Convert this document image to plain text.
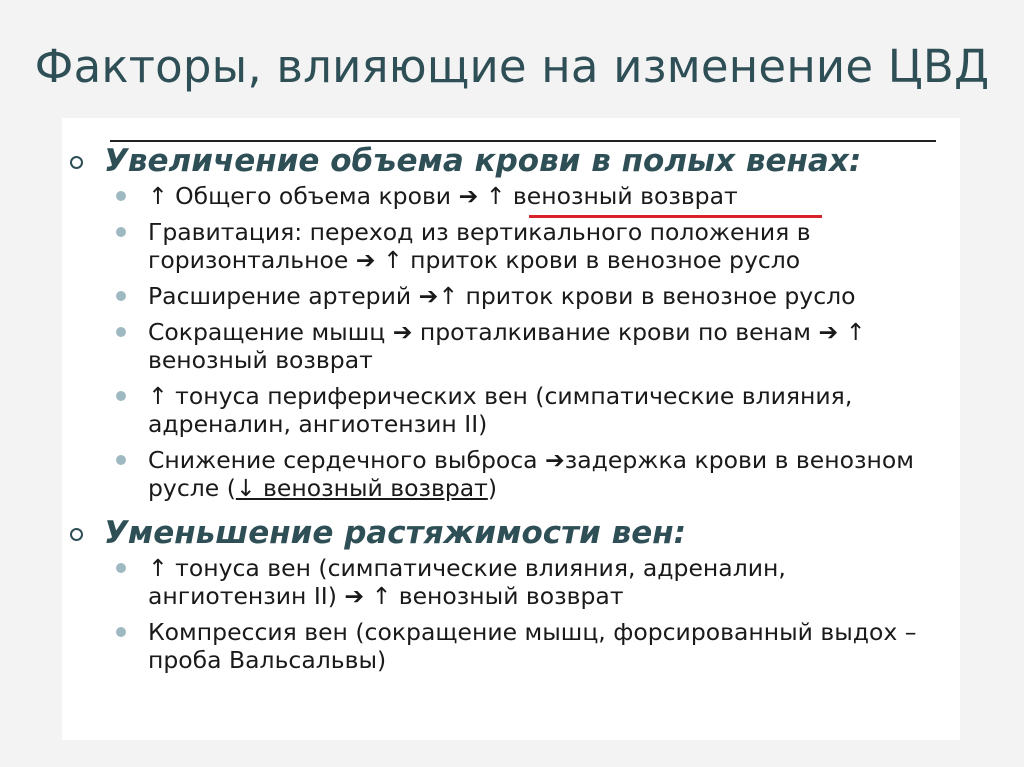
Факторы, влияющие на изменение ЦВД
Увеличение объема крови в полых венах:
↑ Общего объема крови ➔ ↑ венозный возврат
Гравитация: переход из вертикального положения в горизонтальное ➔ ↑ приток крови в венозное русло
Расширение артерий ➔↑ приток крови в венозное русло
Сокращение мышц ➔ проталкивание крови по венам ➔ ↑ венозный возврат
↑ тонуса периферических вен (симпатические влияния, адреналин, ангиотензин II)
Снижение сердечного выброса ➔задержка крови в венозном русле (↓ венозный возврат)
Уменьшение растяжимости вен:
↑ тонуса вен (симпатические влияния, адреналин, ангиотензин II) ➔ ↑ венозный возврат
Компрессия вен (сокращение мышц, форсированный выдох – проба Вальсальвы)
